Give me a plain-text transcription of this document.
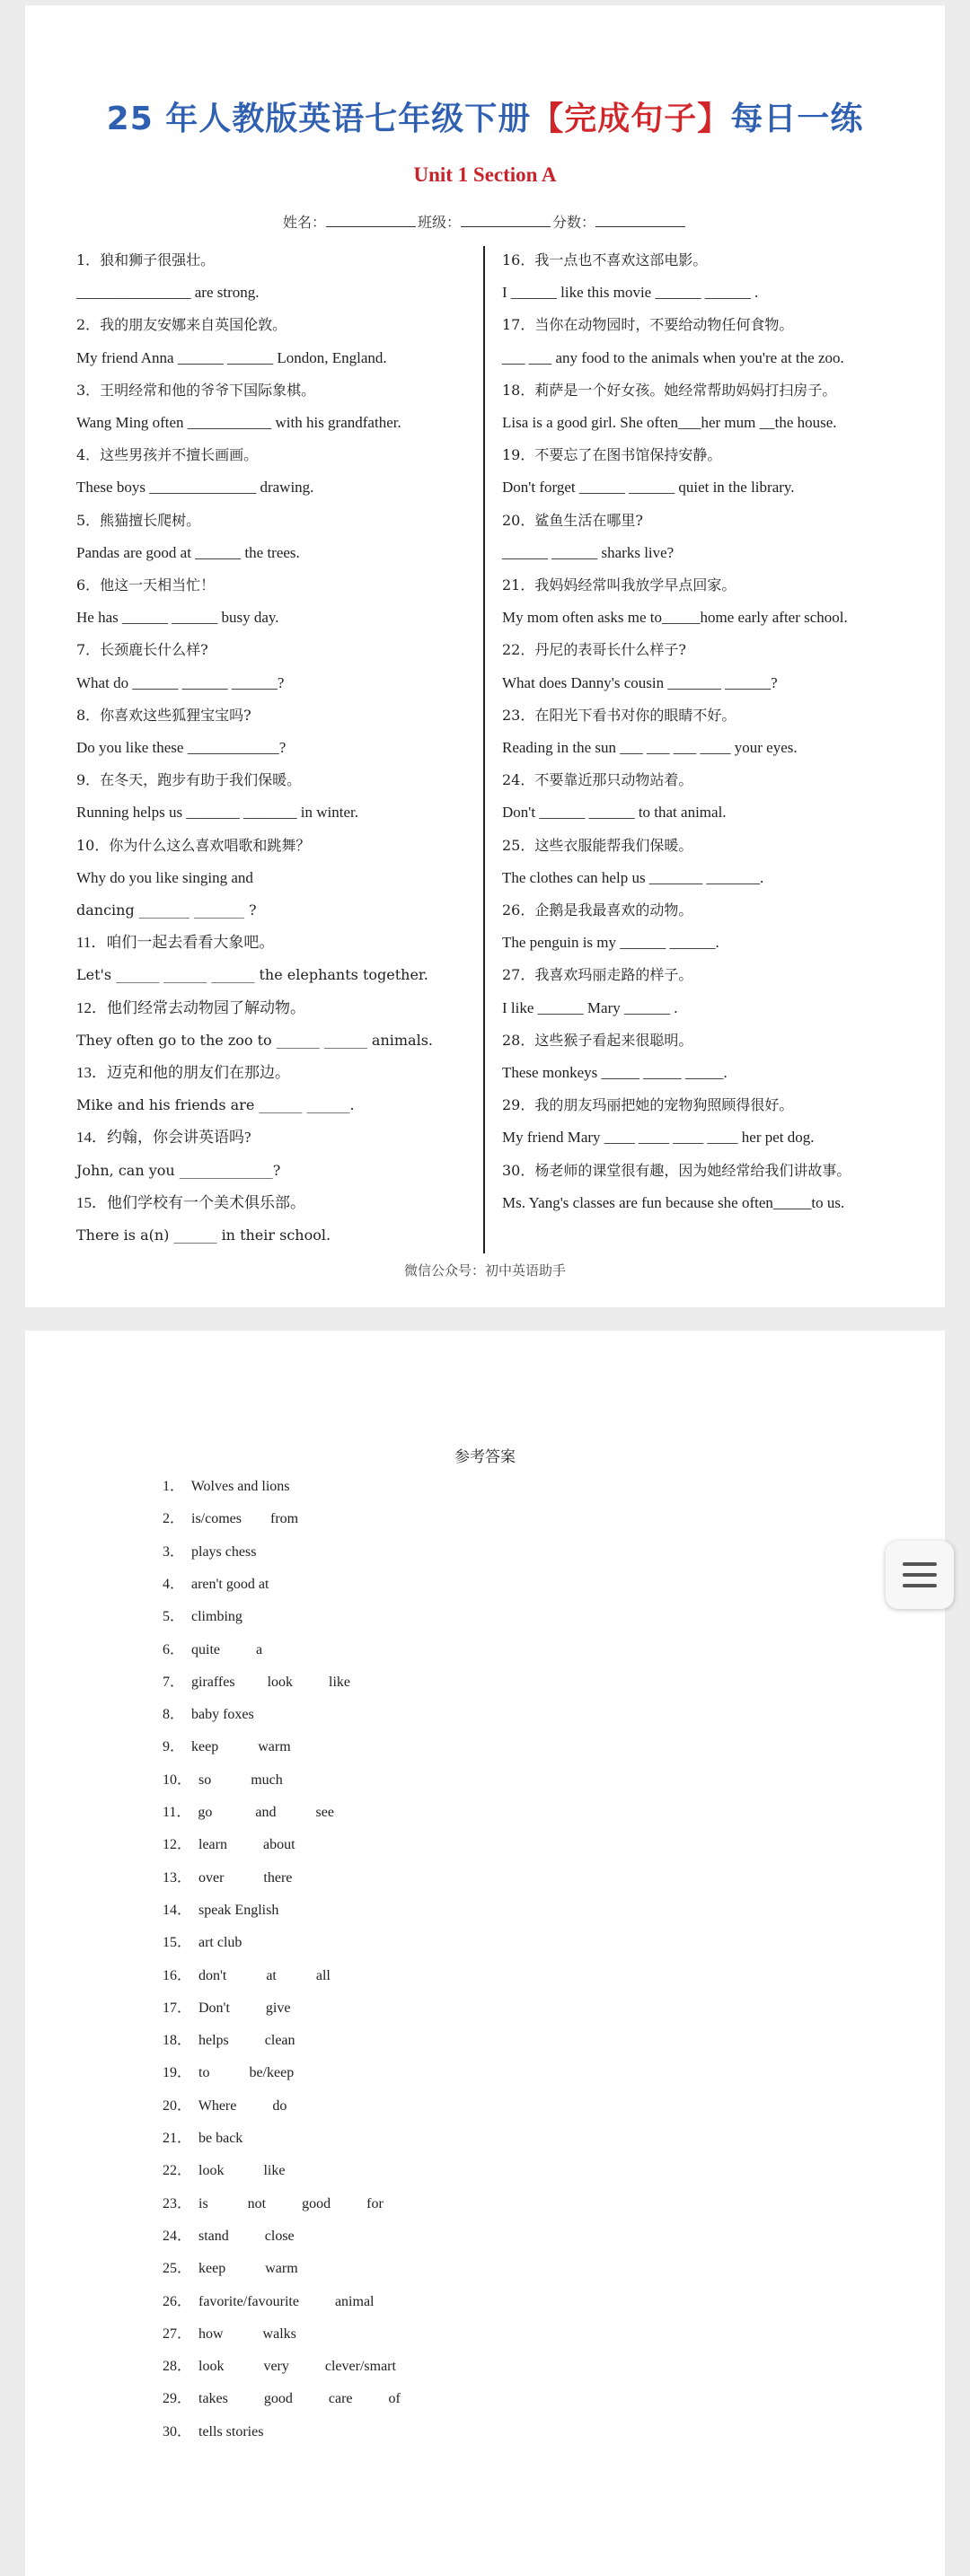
25 年人教版英语七年级下册【完成句子】每日一练
Unit 1 Section A
姓名：	班级：	分数：
1．狼和狮子很强壮。
_______________ are strong.
2．我的朋友安娜来自英国伦敦。
My friend Anna ______ ______ London, England.
3．王明经常和他的爷爷下国际象棋。
Wang Ming often ___________ with his grandfather.
4．这些男孩并不擅长画画。
These boys ______________ drawing.
5．熊猫擅长爬树。
Pandas are good at ______ the trees.
6．他这一天相当忙！
He has ______ ______ busy day.
7．长颈鹿长什么样?
What do ______ ______ ______?
8．你喜欢这些狐狸宝宝吗?
Do you like these ____________?
9．在冬天，跑步有助于我们保暖。
Running helps us _______ _______ in winter.
10．你为什么这么喜欢唱歌和跳舞？
Why do you like singing and
dancing _______ _______ ?
11．咱们一起去看看大象吧。
Let's ______ ______ ______ the elephants together.
12．他们经常去动物园了解动物。
They often go to the zoo to ______ ______ animals.
13．迈克和他的朋友们在那边。
Mike and his friends are ______ ______.
14．约翰，你会讲英语吗?
John, can you _____________?
15．他们学校有一个美术俱乐部。
There is a(n) ______ in their school.
16．我一点也不喜欢这部电影。
I ______ like this movie ______ ______ .
17．当你在动物园时，不要给动物任何食物。
___ ___ any food to the animals when you're at the zoo.
18．莉萨是一个好女孩。她经常帮助妈妈打扫房子。
Lisa is a good girl. She often___her mum __the house.
19．不要忘了在图书馆保持安静。
Don't forget ______ ______ quiet in the library.
20．鲨鱼生活在哪里?
______ ______ sharks live?
21．我妈妈经常叫我放学早点回家。
My mom often asks me to_____home early after school.
22．丹尼的表哥长什么样子?
What does Danny's cousin _______ ______?
23．在阳光下看书对你的眼睛不好。
Reading in the sun ___ ___ ___ ____ your eyes.
24．不要靠近那只动物站着。
Don't ______ ______ to that animal.
25．这些衣服能帮我们保暖。
The clothes can help us _______ _______.
26．企鹅是我最喜欢的动物。
The penguin is my ______ ______.
27．我喜欢玛丽走路的样子。
I like ______ Mary ______ .
28．这些猴子看起来很聪明。
These monkeys _____ _____ _____.
29．我的朋友玛丽把她的宠物狗照顾得很好。
My friend Mary ____ ____ ____ ____ her pet dog.
30．杨老师的课堂很有趣，因为她经常给我们讲故事。
Ms. Yang's classes are fun because she often_____to us.
微信公众号：初中英语助手
参考答案
1．  Wolves and lions
2．  is/comes        from
3．  plays chess
4．  aren't good at
5．  climbing
6．  quite          a
7．  giraffes         look          like
8．  baby foxes
9．  keep           warm
10．  so           much
11．  go            and           see
12．  learn          about
13．  over           there
14．  speak English
15．  art club
16．  don't           at           all
17．  Don't          give
18．  helps          clean
19．  to           be/keep
20．  Where          do
21．  be back
22．  look           like
23．  is           not          good          for
24．  stand          close
25．  keep           warm
26．  favorite/favourite          animal
27．  how           walks
28．  look           very          clever/smart
29．  takes          good          care          of
30．  tells stories
